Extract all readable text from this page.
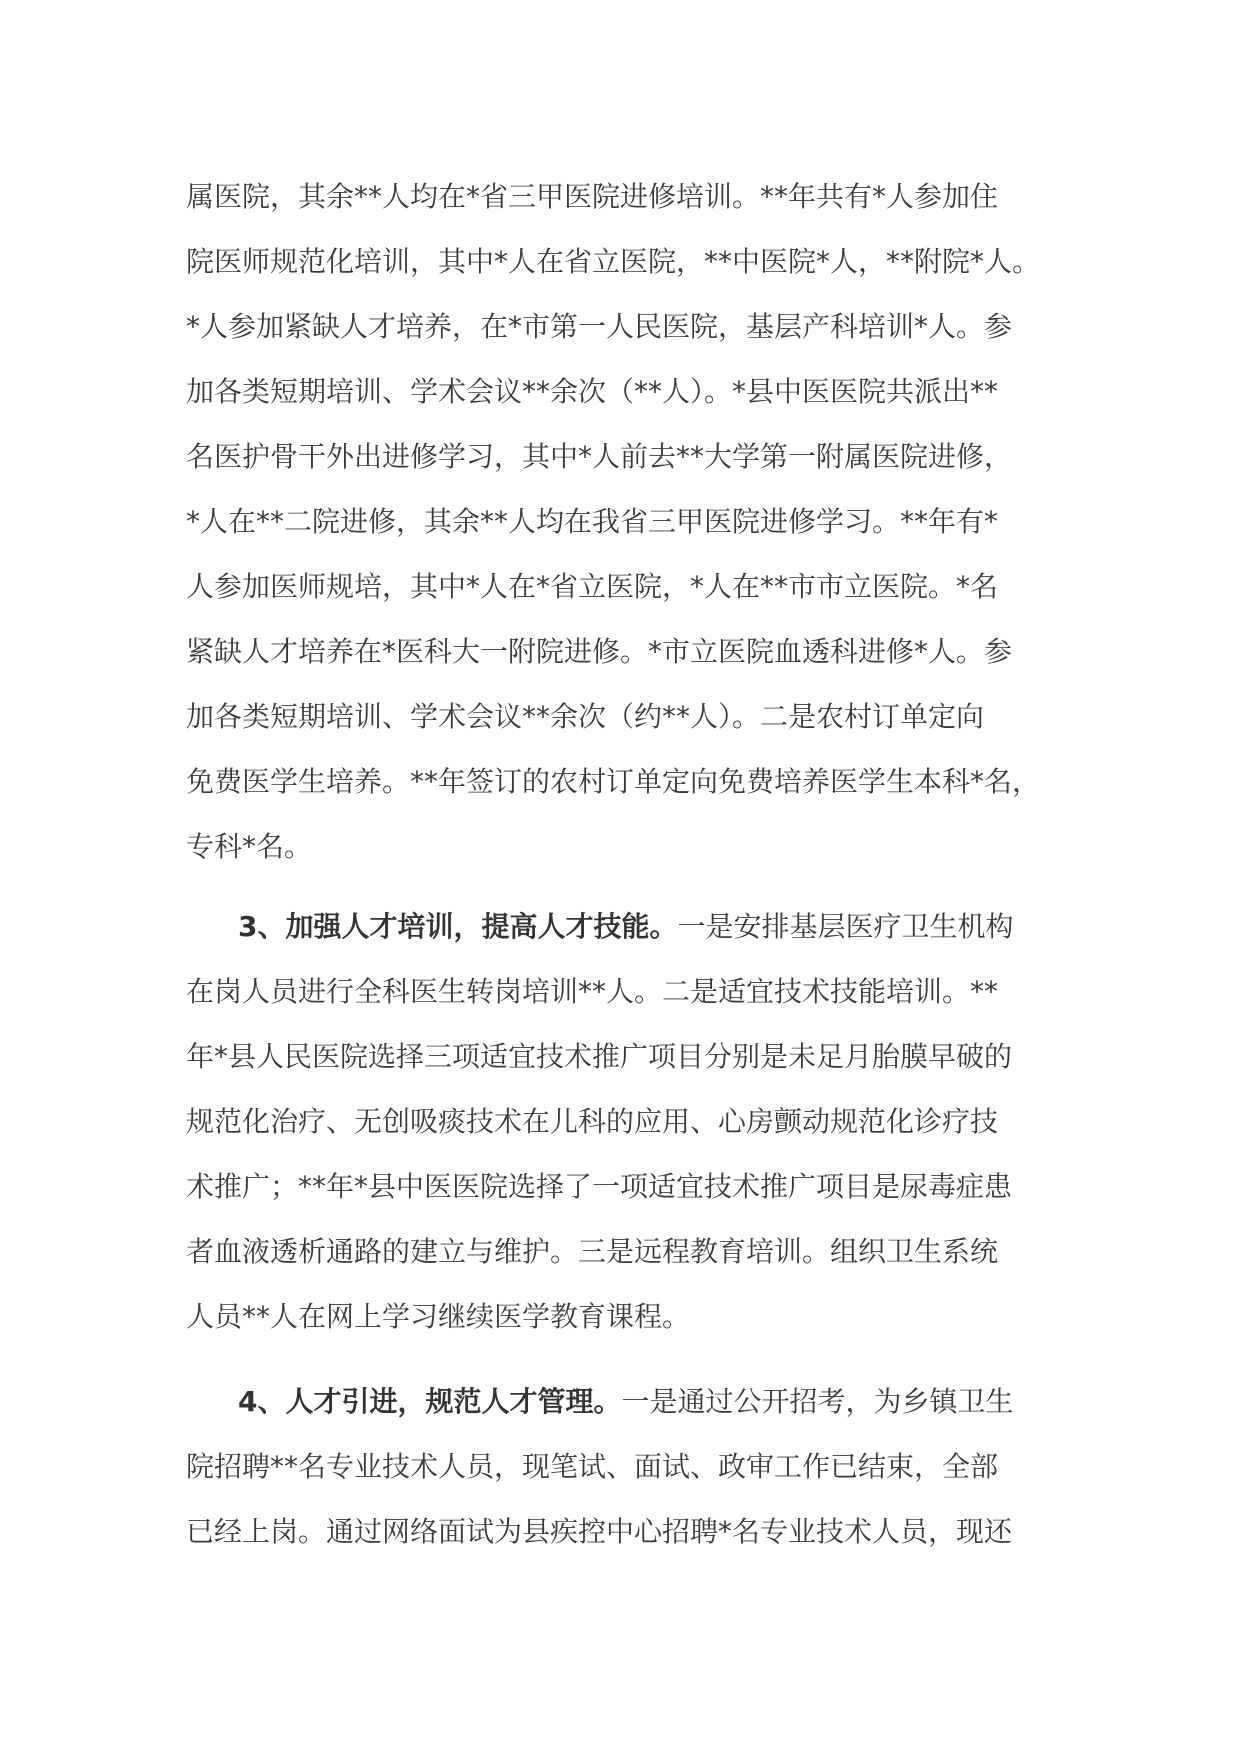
属医院，其余**人均在*省三甲医院进修培训。**年共有*人参加住
院医师规范化培训，其中*人在省立医院，**中医院*人，**附院*人。
*人参加紧缺人才培养，在*市第一人民医院，基层产科培训*人。参
加各类短期培训、学术会议**余次（**人）。*县中医医院共派出**
名医护骨干外出进修学习，其中*人前去**大学第一附属医院进修，
*人在**二院进修，其余**人均在我省三甲医院进修学习。**年有*
人参加医师规培，其中*人在*省立医院，*人在**市市立医院。*名
紧缺人才培养在*医科大一附院进修。*市立医院血透科进修*人。参
加各类短期培训、学术会议**余次（约**人）。二是农村订单定向
免费医学生培养。**年签订的农村订单定向免费培养医学生本科*名，
专科*名。
3、加强人才培训，提高人才技能。一是安排基层医疗卫生机构
在岗人员进行全科医生转岗培训**人。二是适宜技术技能培训。**
年*县人民医院选择三项适宜技术推广项目分别是未足月胎膜早破的
规范化治疗、无创吸痰技术在儿科的应用、心房颤动规范化诊疗技
术推广；**年*县中医医院选择了一项适宜技术推广项目是尿毒症患
者血液透析通路的建立与维护。三是远程教育培训。组织卫生系统
人员**人在网上学习继续医学教育课程。
4、人才引进，规范人才管理。一是通过公开招考，为乡镇卫生
院招聘**名专业技术人员，现笔试、面试、政审工作已结束，全部
已经上岗。通过网络面试为县疾控中心招聘*名专业技术人员，现还
